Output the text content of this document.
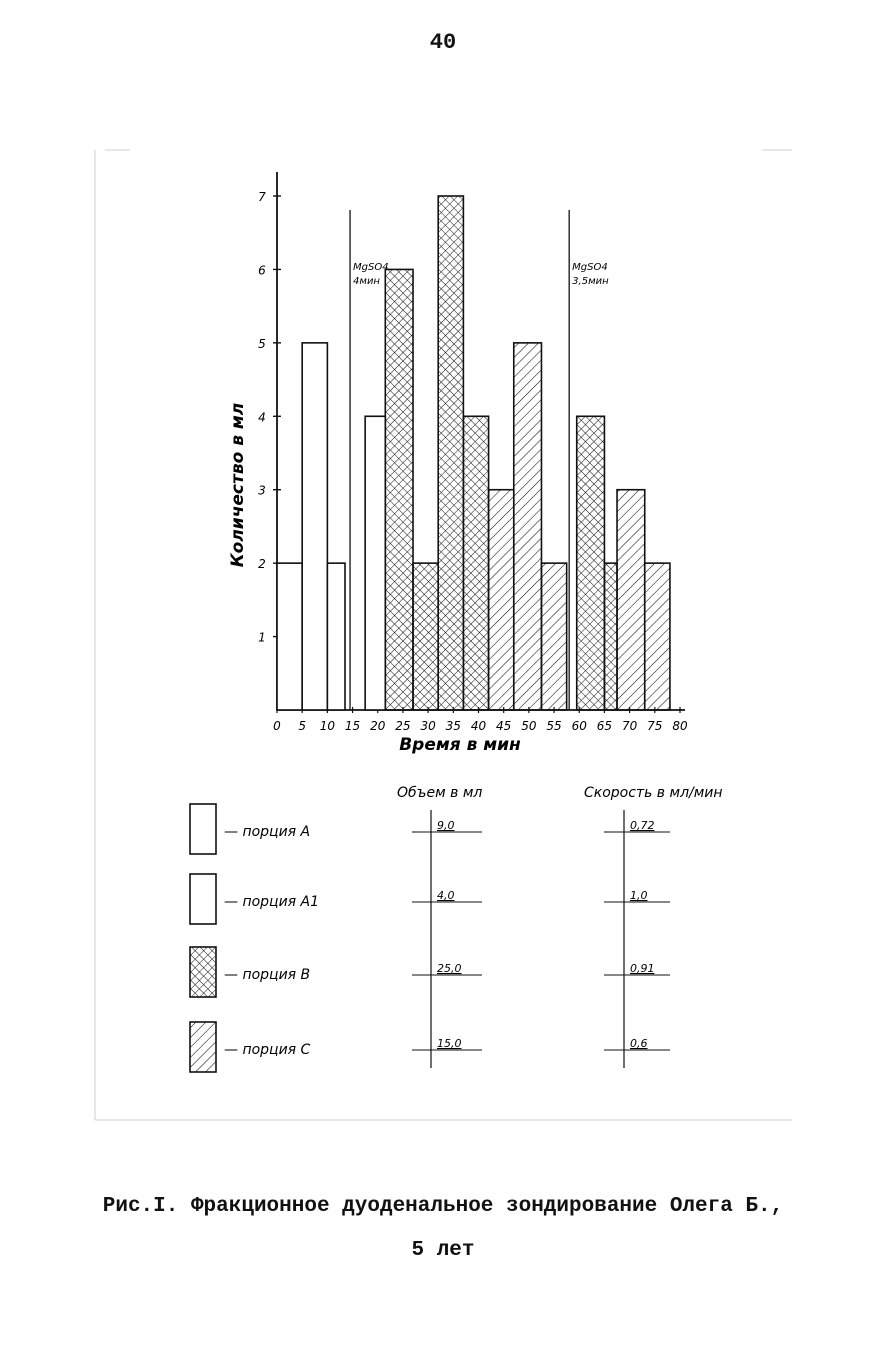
40
1
2
3
4
5
6
7
0 5 10 15 20 25 30 35 40 45 50 55 60 65 70 75 80
MgSO4
4мин
MgSO4
3,5мин
Количество в мл
Время в мин
Объем в мл	Скорость в мл/мин
— порция A	9,0	0,72
— порция A1	4,0	1,0
— порция B	25,0	0,91
— порция C	15,0	0,6
Рис.I. Фракционное дуоденальное зондирование Олега Б.,
5 лет
